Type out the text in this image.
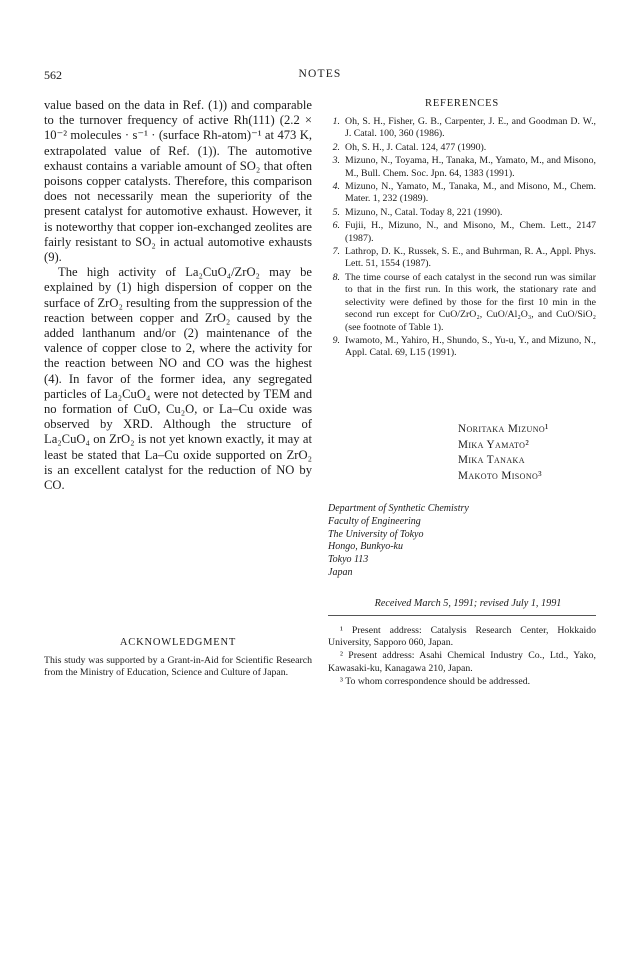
562	NOTES

value based on the data in Ref. (1)) and comparable to the turnover frequency of active Rh(111) (2.2 × 10⁻² molecules · s⁻¹ · (surface Rh-atom)⁻¹ at 473 K, extrapolated value of Ref. (1)). The automotive exhaust contains a variable amount of SO₂ that often poisons copper catalysts. Therefore, this comparison does not necessarily mean the superiority of the present catalyst for automotive exhaust. However, it is noteworthy that copper ion-exchanged zeolites are fairly resistant to SO₂ in actual automotive exhausts (9).

The high activity of La₂CuO₄/ZrO₂ may be explained by (1) high dispersion of copper on the surface of ZrO₂ resulting from the suppression of the reaction between copper and ZrO₂ caused by the added lanthanum and/or (2) maintenance of the valence of copper close to 2, where the activity for the reaction between NO and CO was the highest (4). In favor of the former idea, any segregated particles of La₂CuO₄ were not detected by TEM and no formation of CuO, Cu₂O, or La–Cu oxide was observed by XRD. Although the structure of La₂CuO₄ on ZrO₂ is not yet known exactly, it may at least be stated that La–Cu oxide supported on ZrO₂ is an excellent catalyst for the reduction of NO by CO.

ACKNOWLEDGMENT

This study was supported by a Grant-in-Aid for Scientific Research from the Ministry of Education, Science and Culture of Japan.

REFERENCES
1. Oh, S. H., Fisher, G. B., Carpenter, J. E., and Goodman D. W., J. Catal. 100, 360 (1986).
2. Oh, S. H., J. Catal. 124, 477 (1990).
3. Mizuno, N., Toyama, H., Tanaka, M., Yamato, M., and Misono, M., Bull. Chem. Soc. Jpn. 64, 1383 (1991).
4. Mizuno, N., Yamato, M., Tanaka, M., and Misono, M., Chem. Mater. 1, 232 (1989).
5. Mizuno, N., Catal. Today 8, 221 (1990).
6. Fujii, H., Mizuno, N., and Misono, M., Chem. Lett., 2147 (1987).
7. Lathrop, D. K., Russek, S. E., and Buhrman, R. A., Appl. Phys. Lett. 51, 1554 (1987).
8. The time course of each catalyst in the second run was similar to that in the first run. In this work, the stationary rate and selectivity were defined by those for the first 10 min in the second run except for CuO/ZrO₂, CuO/Al₂O₃, and CuO/SiO₂ (see footnote of Table 1).
9. Iwamoto, M., Yahiro, H., Shundo, S., Yu-u, Y., and Mizuno, N., Appl. Catal. 69, L15 (1991).
Noritaka Mizuno¹
Mika Yamato²
Mika Tanaka
Makoto Misono³
Department of Synthetic Chemistry
Faculty of Engineering
The University of Tokyo
Hongo, Bunkyo-ku
Tokyo 113
Japan
Received March 5, 1991; revised July 1, 1991

¹ Present address: Catalysis Research Center, Hokkaido University, Sapporo 060, Japan.

² Present address: Asahi Chemical Industry Co., Ltd., Yako, Kawasaki-ku, Kanagawa 210, Japan.

³ To whom correspondence should be addressed.
